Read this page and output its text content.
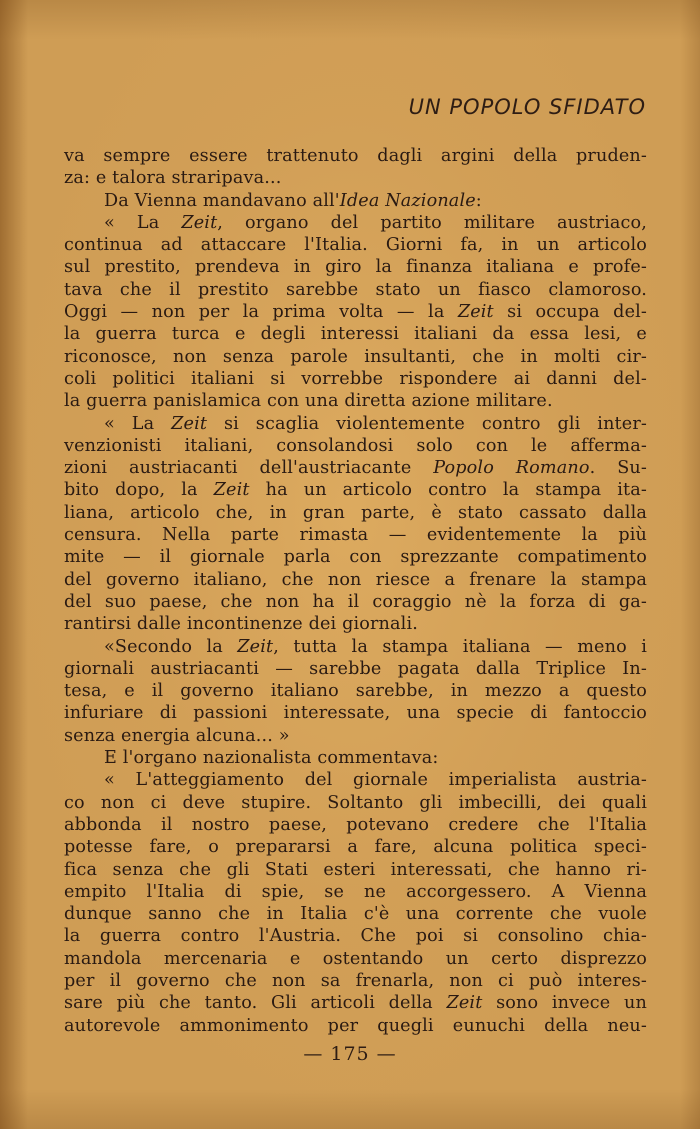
UN POPOLO SFIDATO
va sempre essere trattenuto dagli argini della pruden-
za: e talora straripava...
Da Vienna mandavano all'Idea Nazionale:
« La Zeit, organo del partito militare austriaco,
continua ad attaccare l'Italia. Giorni fa, in un articolo
sul prestito, prendeva in giro la finanza italiana e profe-
tava che il prestito sarebbe stato un fiasco clamoroso.
Oggi — non per la prima volta — la Zeit si occupa del-
la guerra turca e degli interessi italiani da essa lesi, e
riconosce, non senza parole insultanti, che in molti cir-
coli politici italiani si vorrebbe rispondere ai danni del-
la guerra panislamica con una diretta azione militare.
« La Zeit si scaglia violentemente contro gli inter-
venzionisti italiani, consolandosi solo con le afferma-
zioni austriacanti dell'austriacante Popolo Romano. Su-
bito dopo, la Zeit ha un articolo contro la stampa ita-
liana, articolo che, in gran parte, è stato cassato dalla
censura. Nella parte rimasta — evidentemente la più
mite — il giornale parla con sprezzante compatimento
del governo italiano, che non riesce a frenare la stampa
del suo paese, che non ha il coraggio nè la forza di ga-
rantirsi dalle incontinenze dei giornali.
«Secondo la Zeit, tutta la stampa italiana — meno i
giornali austriacanti — sarebbe pagata dalla Triplice In-
tesa, e il governo italiano sarebbe, in mezzo a questo
infuriare di passioni interessate, una specie di fantoccio
senza energia alcuna... »
E l'organo nazionalista commentava:
« L'atteggiamento del giornale imperialista austria-
co non ci deve stupire. Soltanto gli imbecilli, dei quali
abbonda il nostro paese, potevano credere che l'Italia
potesse fare, o prepararsi a fare, alcuna politica speci-
fica senza che gli Stati esteri interessati, che hanno ri-
empito l'Italia di spie, se ne accorgessero. A Vienna
dunque sanno che in Italia c'è una corrente che vuole
la guerra contro l'Austria. Che poi si consolino chia-
mandola mercenaria e ostentando un certo disprezzo
per il governo che non sa frenarla, non ci può interes-
sare più che tanto. Gli articoli della Zeit sono invece un
autorevole ammonimento per quegli eunuchi della neu-
— 175 —
